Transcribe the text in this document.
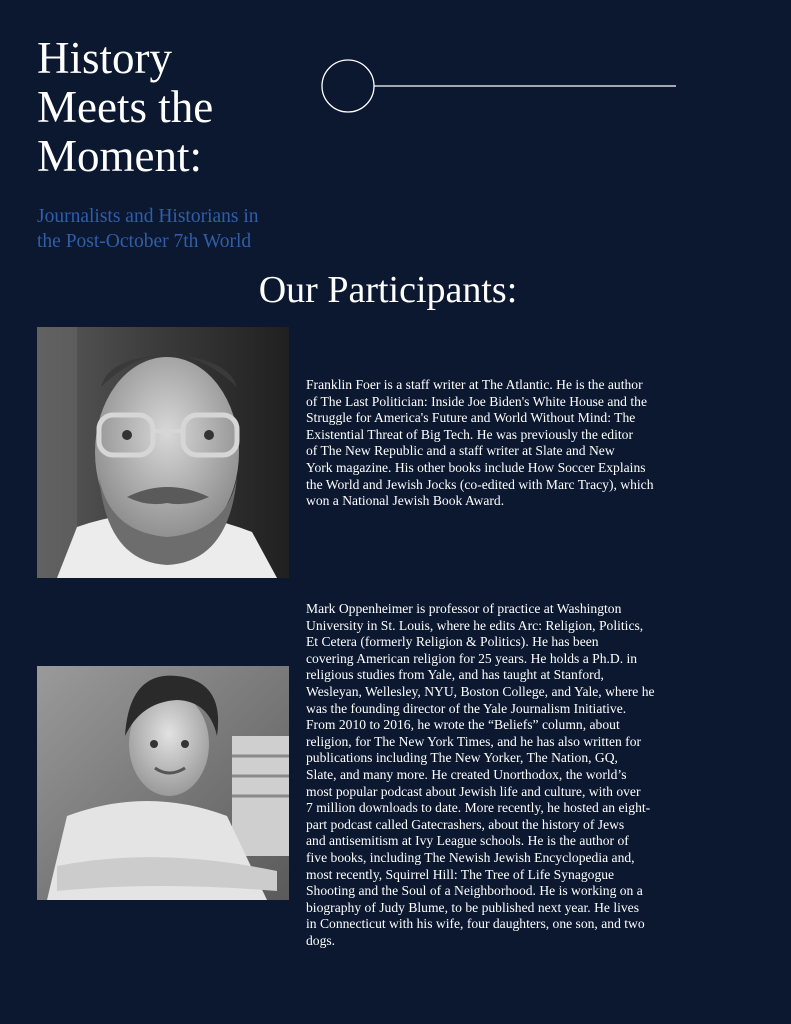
History
Meets the
Moment:
Journalists and Historians in
the Post-October 7th World
Our Participants:

Franklin Foer is a staff writer at The Atlantic. He is the author
of The Last Politician: Inside Joe Biden's White House and the
Struggle for America's Future and World Without Mind: The
Existential Threat of Big Tech. He was previously the editor
of The New Republic and a staff writer at Slate and New
York magazine. His other books include How Soccer Explains
the World and Jewish Jocks (co-edited with Marc Tracy), which
won a National Jewish Book Award.

Mark Oppenheimer is professor of practice at Washington
University in St. Louis, where he edits Arc: Religion, Politics,
Et Cetera (formerly Religion & Politics). He has been
covering American religion for 25 years. He holds a Ph.D. in
religious studies from Yale, and has taught at Stanford,
Wesleyan, Wellesley, NYU, Boston College, and Yale, where he
was the founding director of the Yale Journalism Initiative.
From 2010 to 2016, he wrote the “Beliefs” column, about
religion, for The New York Times, and he has also written for
publications including The New Yorker, The Nation, GQ,
Slate, and many more. He created Unorthodox, the world’s
most popular podcast about Jewish life and culture, with over
7 million downloads to date. More recently, he hosted an eight-
part podcast called Gatecrashers, about the history of Jews
and antisemitism at Ivy League schools. He is the author of
five books, including The Newish Jewish Encyclopedia and,
most recently, Squirrel Hill: The Tree of Life Synagogue
Shooting and the Soul of a Neighborhood. He is working on a
biography of Judy Blume, to be published next year. He lives
in Connecticut with his wife, four daughters, one son, and two
dogs.
